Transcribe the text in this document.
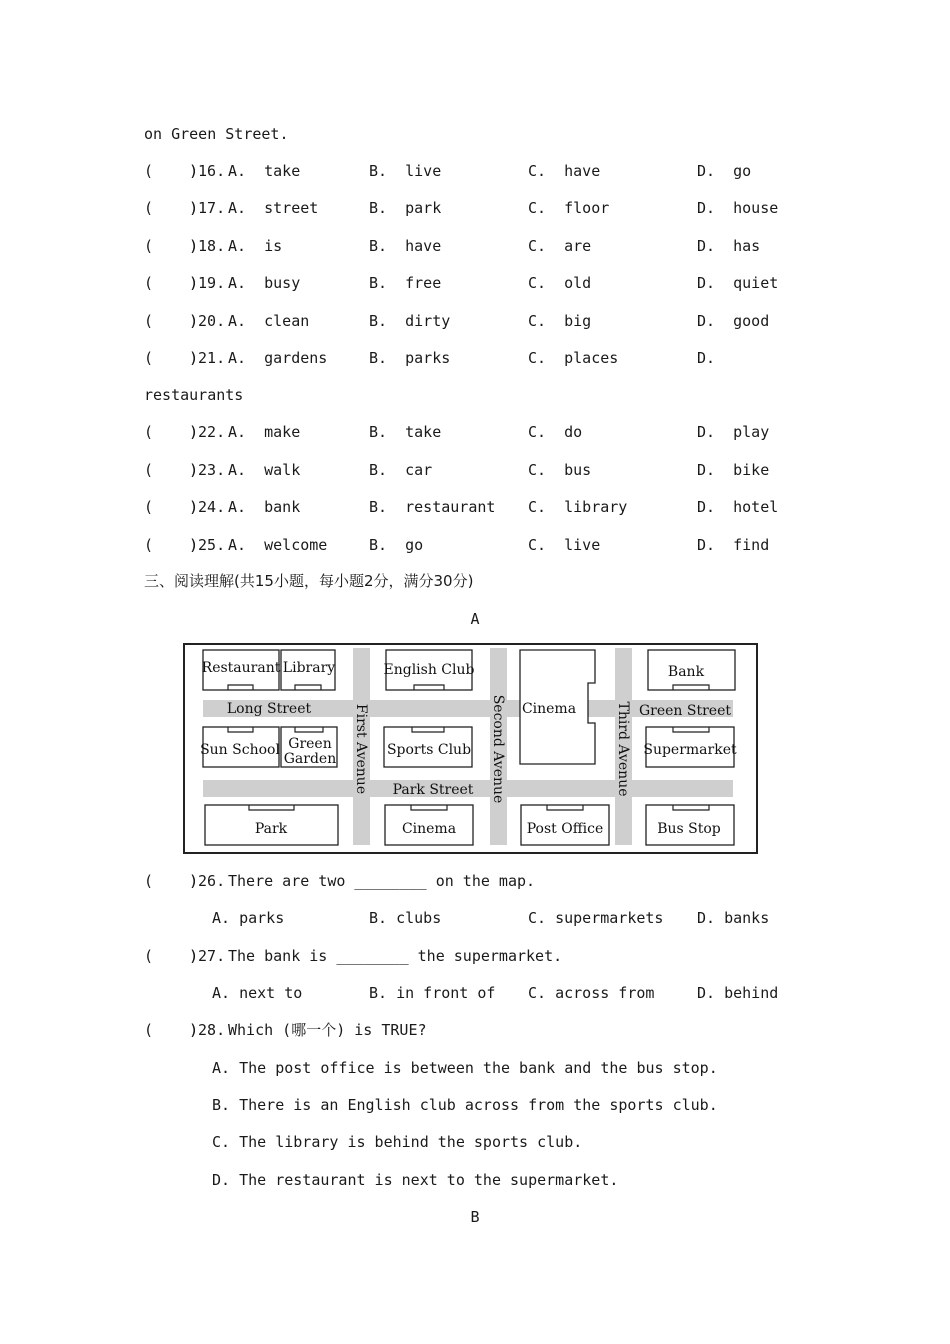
on Green Street.
(    )
)16. A.  take	B.  live	C.  have	D.  go
(    )
)17. A.  street	B.  park	C.  floor	D.  house
(    )
)18. A.  is	B.  have	C.  are	D.  has
(    )
)19. A.  busy	B.  free	C.  old	D.  quiet
(    )
)20. A.  clean	B.  dirty	C.  big	D.  good
(    )
)21. A.  gardens	B.  parks	C.  places	D.
(    )
)22. A.  make	B.  take	C.  do	D.  play
(    )
)23. A.  walk	B.  car	C.  bus	D.  bike
(    )
)24. A.  bank	B.  restaurant C.  library	D.  hotel
(    )
)25. A.  welcome	B.  go	C.  live	D.  find
restaurants
三、阅读理解(共15小题，每小题2分，满分30分)
A
Long Street
Park Street
Green Street
First Avenue	Second Avenue	Third Avenue
Restaurant Library	English Club
Cinema
Bank
Sun School Green
Garden
Sports Club	Supermarket
Park	Cinema	Post Office	Bus Stop

(    )

)26.

There are two ________ on the map.

A. parks

	B. clubs

	C. supermarkets

D. banks

(    )

)27.

The bank is ________ the supermarket.

A. next to

	B. in front of

C. across from

	D. behind

(    )

)28.

Which (哪一个) is TRUE?

A. The post office is between the bank and the bus stop.
B. There is an English club across from the sports club.
C. The library is behind the sports club.
D. The restaurant is next to the supermarket.
B
